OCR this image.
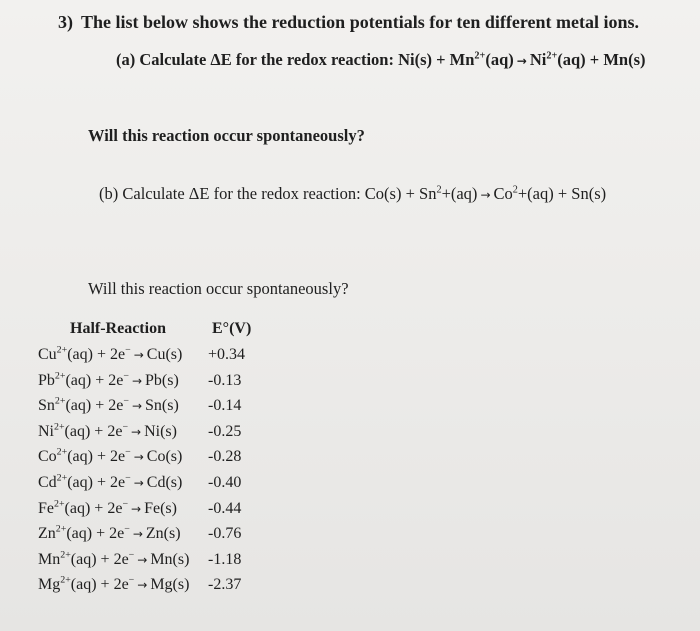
3) The list below shows the reduction potentials for ten different metal ions.
(a) Calculate ΔE for the redox reaction: $Ni(s) + Mn^{2+}(aq) \to Ni^{2+}(aq) + Mn(s)$
Will this reaction occur spontaneously?
(b) Calculate ΔE for the redox reaction: $Co(s) + Sn^2+(aq) \to Co^2+(aq) + Sn(s)$
Will this reaction occur spontaneously?
Half-Reaction	E°(V)
$Cu^{2+}(aq) + 2e^- \to Cu(s) +0.34$
$Pb^{2+}(aq) + 2e^- \to Pb(s)$ -0.13
$Sn^{2+}(aq) + 2e^- \to Sn(s)$ -0.14
$Ni^{2+}(aq) + 2e^- \to Ni(s)$ -0.25
$Co^{2+}(aq) + 2e^- \to Co(s)$ -0.28
$Cd^{2+}(aq) + 2e^- \to Cd(s)$ -0.40
$Fe^{2+}(aq) + 2e^- \to Fe(s)$ -0.44
$Zn^{2+}(aq) + 2e^- \to Zn(s)$ -0.76
$Mn^{2+}(aq) + 2e^- \to Mn(s)$ -1.18
$Mg^{2+}(aq) + 2e^- \to Mg(s)$ -2.37
